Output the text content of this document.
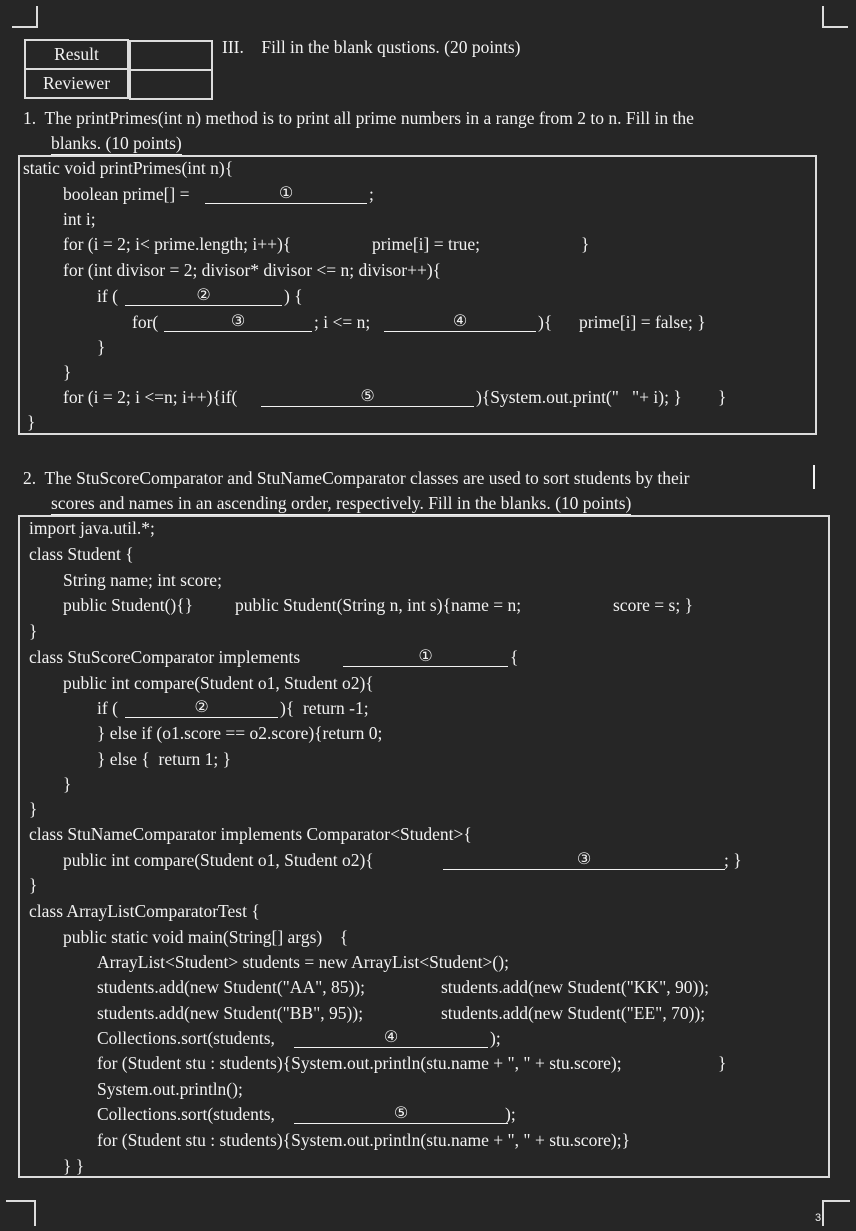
Result	

Reviewer	
III.    Fill in the blank qustions. (20 points)
1.  The printPrimes(int n) method is to print all prime numbers in a range from 2 to n. Fill in the
blanks. (10 points)
static void printPrimes(int n){
boolean prime[] =	①	;
int i;
for (i = 2; i< prime.length; i++){	prime[i] = true;	}
for (int divisor = 2; divisor* divisor <= n; divisor++){
if (	②	) {
for(	③	; i <= n;	④	){ prime[i] = false; }
}
}
for (i = 2; i <=n; i++){if(	⑤	){System.out.print("   "+ i); } }
}
2.  The StuScoreComparator and StuNameComparator classes are used to sort students by their
scores and names in an ascending order, respectively. Fill in the blanks. (10 points)
import java.util.*;
class Student {
String name; int score;
public Student(){} public Student(String n, int s){name = n;	score = s; }
}
class StuScoreComparator implements	①	{
public int compare(Student o1, Student o2){
if (	②	){  return -1;
} else if (o1.score == o2.score){return 0;
} else {  return 1; }
}
}
class StuNameComparator implements Comparator<Student>{
public int compare(Student o1, Student o2){	③	; }
}
class ArrayListComparatorTest {
public static void main(String[] args)    {
ArrayList<Student> students = new ArrayList<Student>();
students.add(new Student("AA", 85));	students.add(new Student("KK", 90));
students.add(new Student("BB", 95));	students.add(new Student("EE", 70));
Collections.sort(students,	④	);
for (Student stu : students){System.out.println(stu.name + ", " + stu.score);	}
System.out.println();
Collections.sort(students,	⑤	);
for (Student stu : students){System.out.println(stu.name + ", " + stu.score);}
} }
3
